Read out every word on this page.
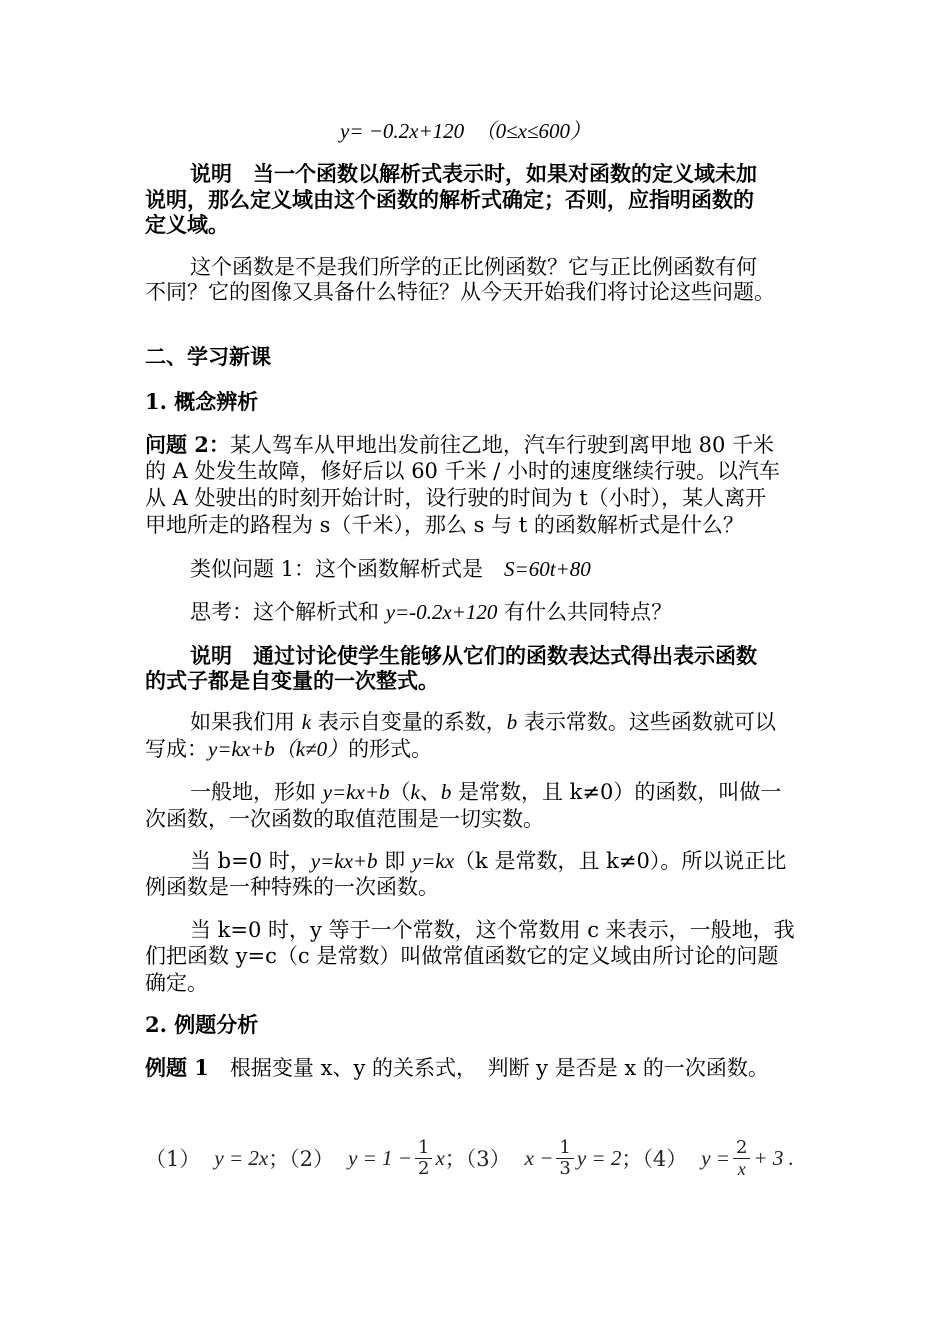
y= −0.2x+120　（0≤x≤600）
说明　当一个函数以解析式表示时，如果对函数的定义域未加
说明，那么定义域由这个函数的解析式确定；否则，应指明函数的
定义域。
这个函数是不是我们所学的正比例函数？它与正比例函数有何
不同？它的图像又具备什么特征？从今天开始我们将讨论这些问题。
二、学习新课
1. 概念辨析
问题 2：某人驾车从甲地出发前往乙地，汽车行驶到离甲地 80 千米
的 A 处发生故障，修好后以 60 千米 / 小时的速度继续行驶。以汽车
从 A 处驶出的时刻开始计时，设行驶的时间为 t（小时），某人离开
甲地所走的路程为 s（千米），那么 s 与 t 的函数解析式是什么？
类似问题 1：这个函数解析式是　S=60t+80
思考：这个解析式和 y=-0.2x+120 有什么共同特点？
说明　通过讨论使学生能够从它们的函数表达式得出表示函数
的式子都是自变量的一次整式。
如果我们用 k 表示自变量的系数，b 表示常数。这些函数就可以
写成：y=kx+b（k≠0）的形式。
一般地，形如 y=kx+b（k、b 是常数，且 k≠0）的函数，叫做一
次函数，一次函数的取值范围是一切实数。
当 b=0 时，y=kx+b 即 y=kx（k 是常数，且 k≠0）。所以说正比
例函数是一种特殊的一次函数。
当 k=0 时，y 等于一个常数，这个常数用 c 来表示，一般地，我
们把函数 y=c（c 是常数）叫做常值函数它的定义域由所讨论的问题
确定。
2. 例题分析
例题 1　根据变量 x、y 的关系式，　判断 y 是否是 x 的一次函数。
（1） y = 2x ；（2） $y = 1 - \frac{1}{2}$ x ；（3） $x - \frac{1}{3}$ y = 2 ；（4） $y = \frac{2}{x} + 3$ .
